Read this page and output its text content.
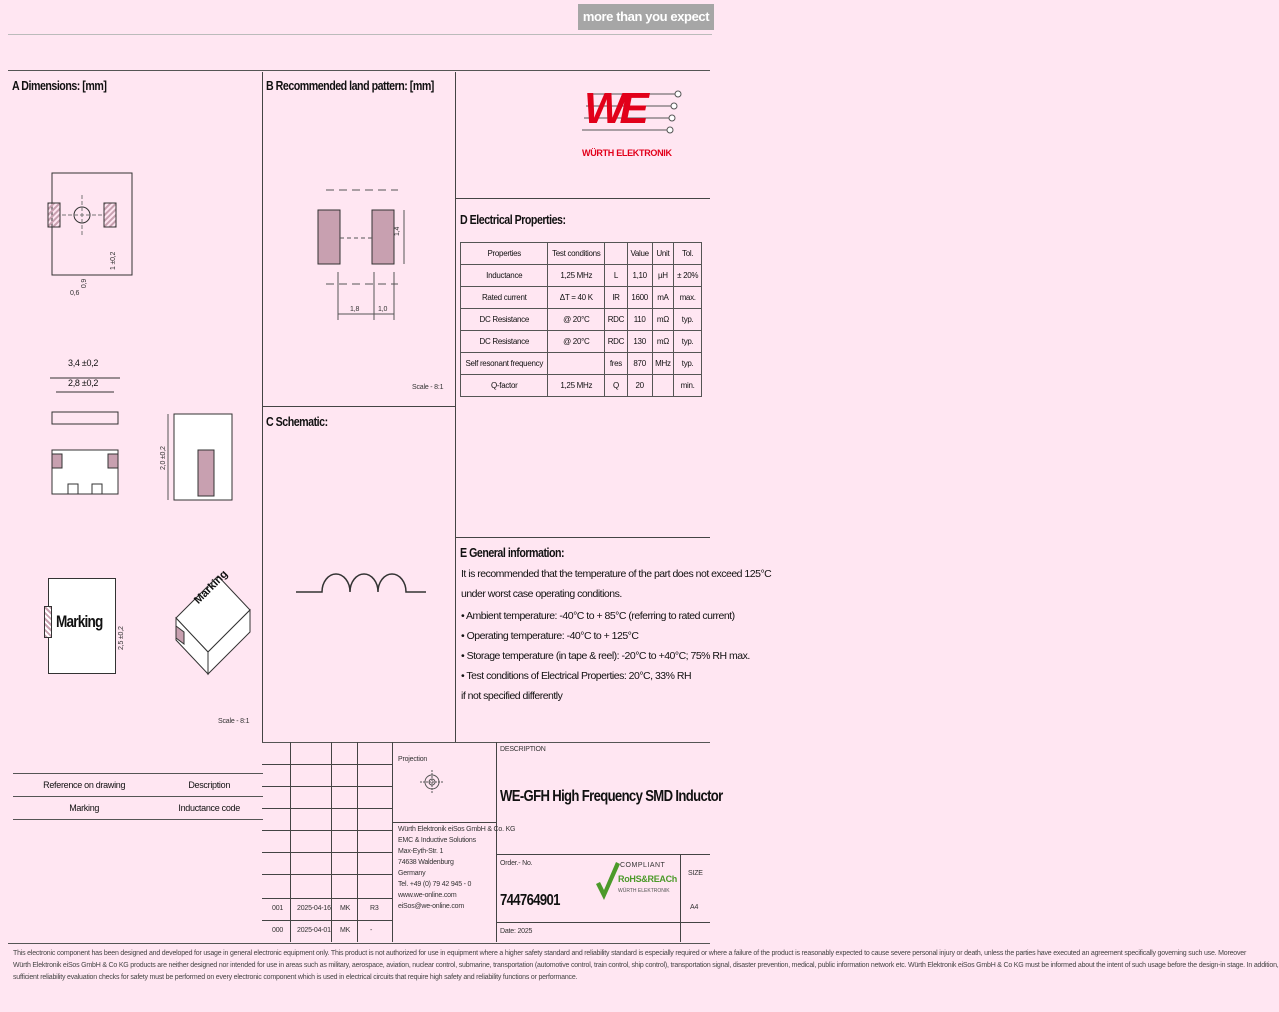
more than you expect
A Dimensions: [mm]	B Recommended land pattern: [mm]
C Schematic:
D Electrical Properties:
E General information:
0,9
0,6
1 ±0,2
3,4 ±0,2
2,8 ±0,2
2,0 ±0,2
Marking
2,5 ±0,2
Marking
Scale - 8:1
1,8	1,0
1,4
Scale - 8:1
WE
WÜRTH ELEKTRONIK
Properties	Test conditions		Value	Unit	Tol.
Inductance	1,25 MHz	L	1,10	µH	± 20%
Rated current	ΔT = 40 K	IR	1600	mA	max.
DC Resistance	@ 20°C	RDC	110	mΩ	typ.
DC Resistance	@ 20°C	RDC	130	mΩ	typ.
Self resonant frequency		fres	870	MHz	typ.
Q-factor	1,25 MHz	Q	20		min.
It is recommended that the temperature of the part does not exceed 125°C
under worst case operating conditions.
• Ambient temperature: -40°C to + 85°C (referring to rated current)
• Operating temperature: -40°C to + 125°C
• Storage temperature (in tape & reel): -20°C to +40°C; 75% RH max.
• Test conditions of Electrical Properties: 20°C, 33% RH
if not specified differently
Reference on drawing	Description
Marking	Inductance code
001 2025-04-16 MK	R3
000 2025-04-01 MK	-
Projection
Würth Elektronik eiSos GmbH & Co. KG
EMC & Inductive Solutions
Max-Eyth-Str. 1
74638 Waldenburg
Germany
Tel. +49 (0) 79 42 945 - 0
www.we-online.com
eiSos@we-online.com
DESCRIPTION
WE-GFH High Frequency SMD Inductor
Order.- No.
744764901
Date: 2025
SIZE
A4
COMPLIANT
RoHS&REACh
WÜRTH ELEKTRONIK
This electronic component has been designed and developed for usage in general electronic equipment only. This product is not authorized for use in equipment where a higher safety standard and reliability standard is especially required or where a failure of the product is reasonably expected to cause severe personal injury or death, unless the parties have executed an agreement specifically governing such use. Moreover
Würth Elektronik eiSos GmbH & Co KG products are neither designed nor intended for use in areas such as military, aerospace, aviation, nuclear control, submarine, transportation (automotive control, train control, ship control), transportation signal, disaster prevention, medical, public information network etc. Würth Elektronik eiSos GmbH & Co KG must be informed about the intent of such usage before the design-in stage. In addition,
sufficient reliability evaluation checks for safety must be performed on every electronic component which is used in electrical circuits that require high safety and reliability functions or performance.
